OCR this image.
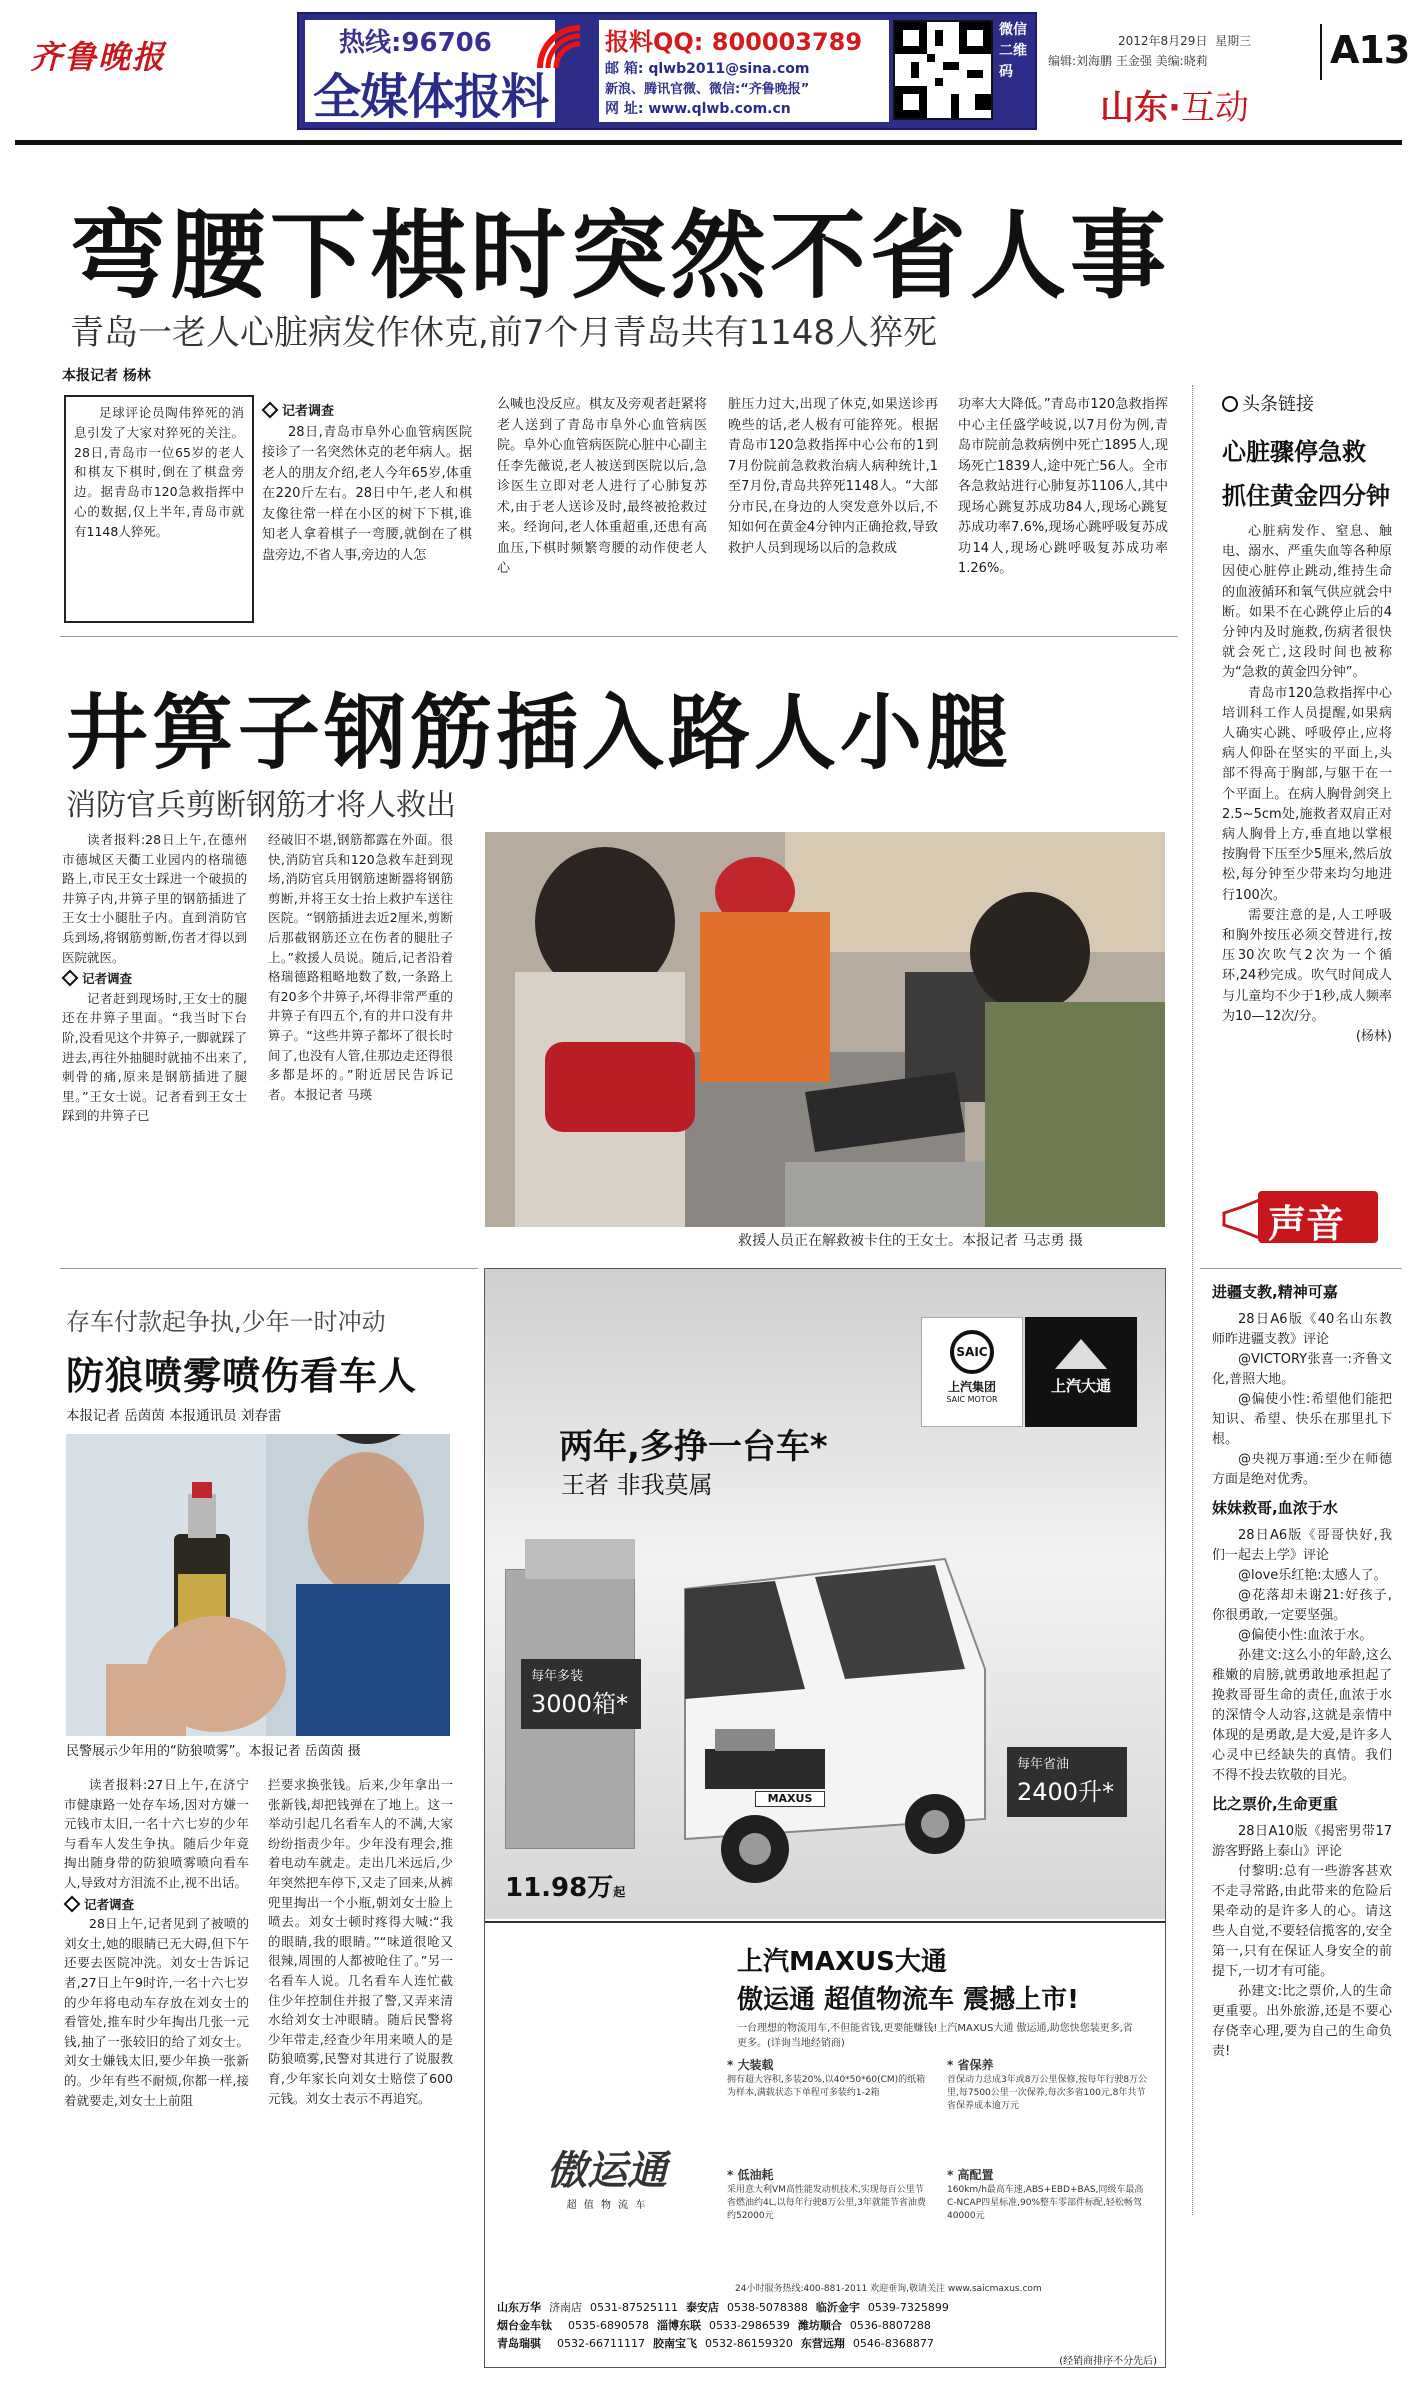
齐鲁晚报	热线:96706
全媒体报料
报料QQ: 800003789
邮 箱: qlwb2011@sina.com
新浪、腾讯官微、微信:“齐鲁晚报”
网 址: www.qlwb.com.cn
微信二维码
2012年8月29日 星期三
编辑:刘海鹏 王金强 美编:晓莉	A13
山东·互动
弯腰下棋时突然不省人事
青岛一老人心脏病发作休克,前7个月青岛共有1148人猝死
本报记者 杨林

足球评论员陶伟猝死的消息引发了大家对猝死的关注。28日,青岛市一位65岁的老人和棋友下棋时,倒在了棋盘旁边。据青岛市120急救指挥中心的数据,仅上半年,青岛市就有1148人猝死。

记者调查

28日,青岛市阜外心血管病医院接诊了一名突然休克的老年病人。据老人的朋友介绍,老人今年65岁,体重在220斤左右。28日中午,老人和棋友像往常一样在小区的树下下棋,谁知老人拿着棋子一弯腰,就倒在了棋盘旁边,不省人事,旁边的人怎

么喊也没反应。棋友及旁观者赶紧将老人送到了青岛市阜外心血管病医院。阜外心血管病医院心脏中心副主任李先薇说,老人被送到医院以后,急诊医生立即对老人进行了心肺复苏术,由于老人送诊及时,最终被抢救过来。经询问,老人体重超重,还患有高血压,下棋时频繁弯腰的动作使老人心

脏压力过大,出现了休克,如果送诊再晚些的话,老人极有可能猝死。根据青岛市120急救指挥中心公布的1到7月份院前急救救治病人病种统计,1至7月份,青岛共猝死1148人。“大部分市民,在身边的人突发意外以后,不知如何在黄金4分钟内正确抢救,导致救护人员到现场以后的急救成

功率大大降低。”青岛市120急救指挥中心主任盛学岐说,以7月份为例,青岛市院前急救病例中死亡1895人,现场死亡1839人,途中死亡56人。全市各急救站进行心肺复苏1106人,其中现场心跳复苏成功84人,现场心跳复苏成功率7.6%,现场心跳呼吸复苏成功14人,现场心跳呼吸复苏成功率1.26%。

头条链接
心脏骤停急救
抓住黄金四分钟

心脏病发作、窒息、触电、溺水、严重失血等各种原因使心脏停止跳动,维持生命的血液循环和氧气供应就会中断。如果不在心跳停止后的4分钟内及时施救,伤病者很快就会死亡,这段时间也被称为“急救的黄金四分钟”。

青岛市120急救指挥中心培训科工作人员提醒,如果病人确实心跳、呼吸停止,应将病人仰卧在坚实的平面上,头部不得高于胸部,与躯干在一个平面上。在病人胸骨剑突上2.5~5cm处,施救者双肩正对病人胸骨上方,垂直地以掌根按胸骨下压至少5厘米,然后放松,每分钟至少带来均匀地进行100次。

需要注意的是,人工呼吸和胸外按压必须交替进行,按压30次吹气2次为一个循环,24秒完成。吹气时间成人与儿童均不少于1秒,成人频率为10—12次/分。

(杨林)

井箅子钢筋插入路人小腿
消防官兵剪断钢筋才将人救出

读者报料:28日上午,在德州市德城区天衢工业园内的格瑞德路上,市民王女士踩进一个破损的井箅子内,井箅子里的钢筋插进了王女士小腿肚子内。直到消防官兵到场,将钢筋剪断,伤者才得以到医院就医。

记者调查

记者赶到现场时,王女士的腿还在井箅子里面。“我当时下台阶,没看见这个井箅子,一脚就踩了进去,再往外抽腿时就抽不出来了,刺骨的痛,原来是钢筋插进了腿里。”王女士说。记者看到王女士踩到的井箅子已

经破旧不堪,钢筋都露在外面。很快,消防官兵和120急救车赶到现场,消防官兵用钢筋速断器将钢筋剪断,并将王女士抬上救护车送往医院。“钢筋插进去近2厘米,剪断后那截钢筋还立在伤者的腿肚子上。”救援人员说。随后,记者沿着格瑞德路粗略地数了数,一条路上有20多个井箅子,坏得非常严重的井箅子有四五个,有的井口没有井箅子。“这些井箅子都坏了很长时间了,也没有人管,住那边走还得很多都是坏的。”附近居民告诉记者。本报记者 马瑛

救援人员正在解救被卡住的王女士。本报记者 马志勇 摄
存车付款起争执,少年一时冲动
防狼喷雾喷伤看车人
本报记者 岳茵茵 本报通讯员 刘春雷
民警展示少年用的“防狼喷雾”。本报记者 岳茵茵 摄

读者报料:27日上午,在济宁市健康路一处存车场,因对方嫌一元钱市太旧,一名十六七岁的少年与看车人发生争执。随后少年竟掏出随身带的防狼喷雾喷向看车人,导致对方泪流不止,视不出话。

记者调查

28日上午,记者见到了被喷的刘女士,她的眼睛已无大碍,但下午还要去医院冲洗。刘女士告诉记者,27日上午9时许,一名十六七岁的少年将电动车存放在刘女士的看管处,推车时少年掏出几张一元钱,抽了一张较旧的给了刘女士。刘女士嫌钱太旧,要少年换一张新的。少年有些不耐烦,你都一样,接着就要走,刘女士上前阻

拦要求换张钱。后来,少年拿出一张新钱,却把钱弹在了地上。这一举动引起几名看车人的不满,大家纷纷指责少年。少年没有理会,推着电动车就走。走出几米远后,少年突然把车停下,又走了回来,从裤兜里掏出一个小瓶,朝刘女士脸上喷去。刘女士顿时疼得大喊:“我的眼睛,我的眼睛。”“味道很呛又很辣,周围的人都被呛住了。”另一名看车人说。几名看车人连忙截住少年控制住并报了警,又弄来清水给刘女士冲眼睛。随后民警将少年带走,经查少年用来喷人的是防狼喷雾,民警对其进行了说服教育,少年家长向刘女士赔偿了600元钱。刘女士表示不再追究。

SAIC
上汽集团
SAIC MOTOR
上汽大通
两年,多挣一台车*
王者 非我莫属
每年多装
3000箱*
MAXUS
每年省油
2400升*
11.98万起
上汽MAXUS大通
傲运通 超值物流车 震撼上市!
一台理想的物流用车,不但能省钱,更要能赚钱!上汽MAXUS大通 傲运通,助您快您装更多,省更多。(详询当地经销商)
傲运通
超 值 物 流 车
* 大装载
拥有超大容积,多装20%,以40*50*60(CM)的纸箱为样本,满载状态下单程可多装约1-2箱
* 省保养
首保动力总成3年或8万公里保修,按每年行驶8万公里,每7500公里一次保养,每次多省100元,8年共节省保养成本逾万元
* 低油耗
采用意大利VM高性能发动机技术,实现每百公里节省燃油约4L,以每年行驶8万公里,3年就能节省油费约52000元
* 高配置
160km/h最高车速,ABS+EBD+BAS,同级车最高C-NCAP四星标准,90%整车零部件标配,轻松畅驾40000元
24小时服务热线:400-881-2011 欢迎垂询,敬请关注 www.saicmaxus.com
山东万华 济南店 0531-87525111 泰安店 0538-5078388 临沂金宇 0539-7325899
烟台金车钛 0535-6890578 淄博东联 0533-2986539 潍坊顺合 0536-8807288
青岛瑞骐 0532-66711117 胶南宝飞 0532-86159320 东营远翔 0546-8368877
(经销商排序不分先后)
声音
进疆支教,精神可嘉

28日A6版《40名山东教师昨进疆支教》评论

@VICTORY张喜一:齐鲁文化,普照大地。

@偏使小性:希望他们能把知识、希望、快乐在那里扎下根。

@央视万事通:至少在师德方面是绝对优秀。

妹妹救哥,血浓于水

28日A6版《哥哥快好,我们一起去上学》评论

@love乐红艳:太感人了。

@花落却未谢21:好孩子,你很勇敢,一定要坚强。

@偏使小性:血浓于水。

孙建文:这么小的年龄,这么稚嫩的肩膀,就勇敢地承担起了挽救哥哥生命的责任,血浓于水的深情令人动容,这就是亲情中体现的是勇敢,是大爱,是许多人心灵中已经缺失的真情。我们不得不投去钦敬的目光。

比之票价,生命更重

28日A10版《揭密男带17游客野路上泰山》评论

付黎明:总有一些游客甚欢不走寻常路,由此带来的危险后果牵动的是许多人的心。请这些人自觉,不要轻信揽客的,安全第一,只有在保证人身安全的前提下,一切才有可能。

孙建文:比之票价,人的生命更重要。出外旅游,还是不要心存侥幸心理,要为自己的生命负责!
